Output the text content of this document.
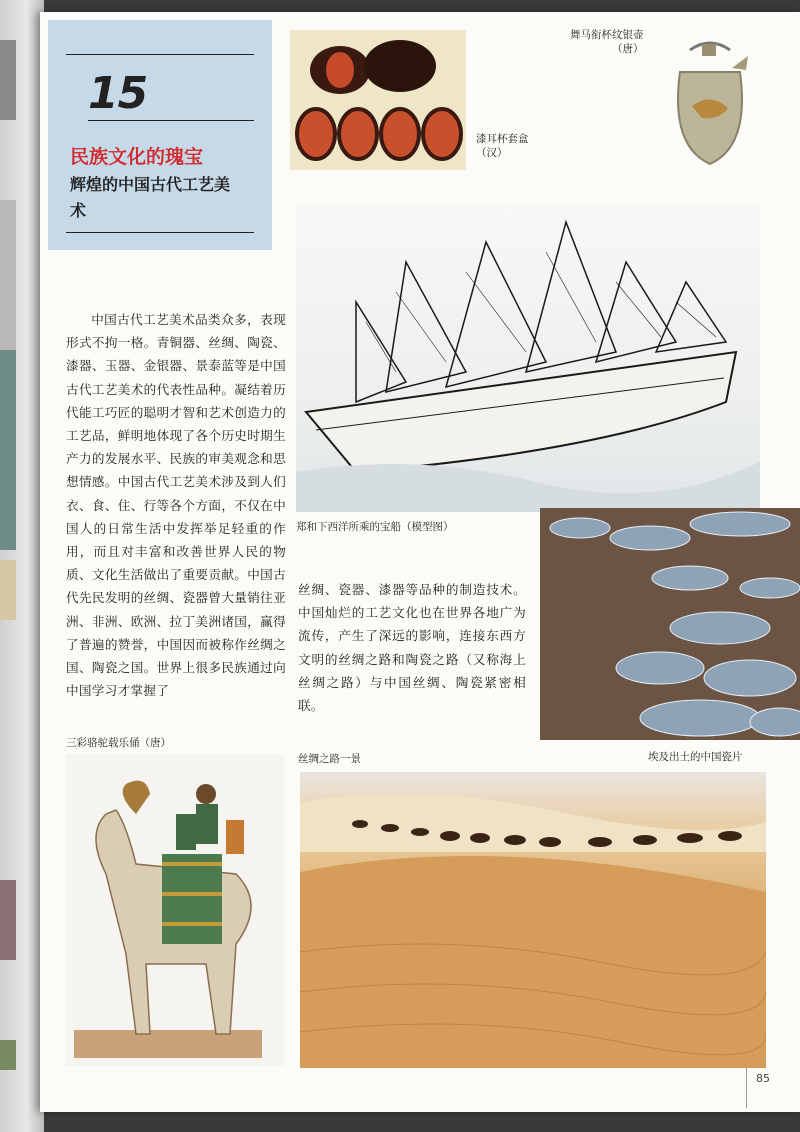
15
民族文化的瑰宝
辉煌的中国古代工艺美术
漆耳杯套盒
（汉）
舞马衔杯纹银壶
（唐）
郑和下西洋所乘的宝船（模型图）
中国古代工艺美术品类众多，表现形式不拘一格。青铜器、丝绸、陶瓷、漆器、玉器、金银器、景泰蓝等是中国古代工艺美术的代表性品种。凝结着历代能工巧匠的聪明才智和艺术创造力的工艺品，鲜明地体现了各个历史时期生产力的发展水平、民族的审美观念和思想情感。中国古代工艺美术涉及到人们衣、食、住、行等各个方面，不仅在中国人的日常生活中发挥举足轻重的作用，而且对丰富和改善世界人民的物质、文化生活做出了重要贡献。中国古代先民发明的丝绸、瓷器曾大量销往亚洲、非洲、欧洲、拉丁美洲诸国，赢得了普遍的赞誉，中国因而被称作丝绸之国、陶瓷之国。世界上很多民族通过向中国学习才掌握了
丝绸、瓷器、漆器等品种的制造技术。中国灿烂的工艺文化也在世界各地广为流传，产生了深远的影响，连接东西方文明的丝绸之路和陶瓷之路（又称海上丝绸之路）与中国丝绸、陶瓷紧密相联。
三彩骆驼载乐俑（唐）
丝绸之路一景	埃及出土的中国瓷片
85
